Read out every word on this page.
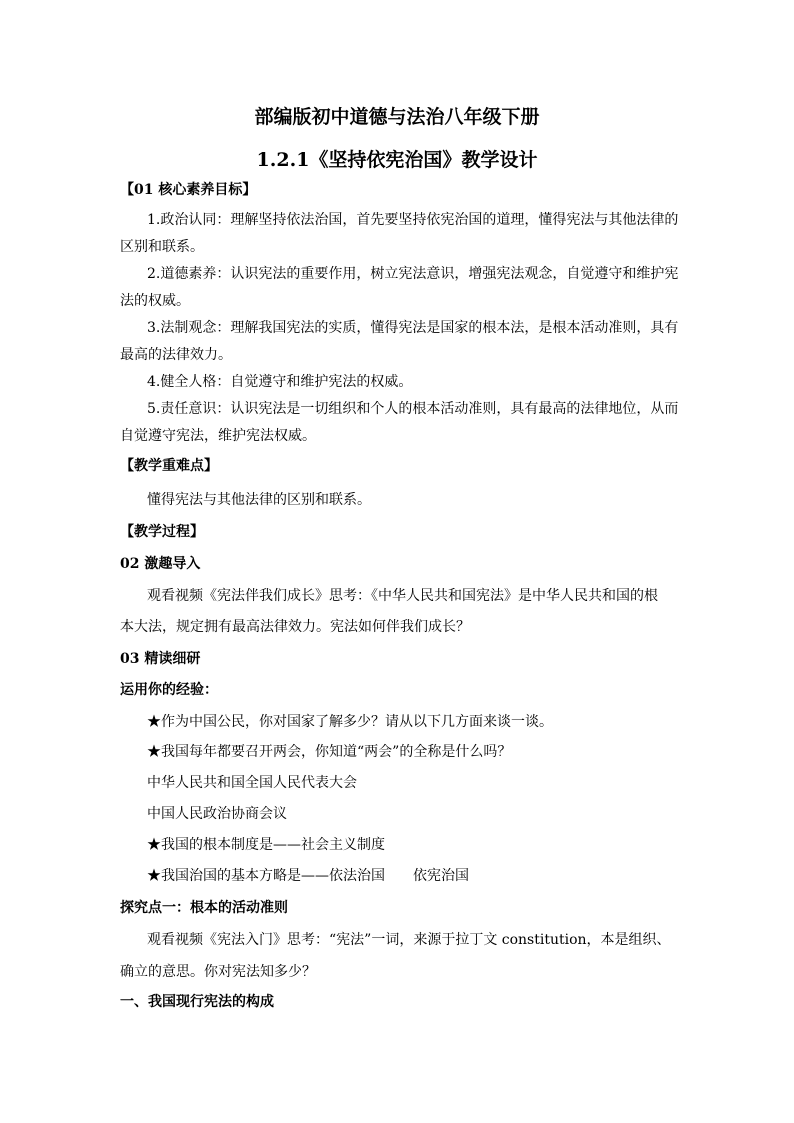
部编版初中道德与法治八年级下册
1.2.1《坚持依宪治国》教学设计
【01 核心素养目标】
1.政治认同：理解坚持依法治国，首先要坚持依宪治国的道理，懂得宪法与其他法律的
区别和联系。
2.道德素养：认识宪法的重要作用，树立宪法意识，增强宪法观念，自觉遵守和维护宪
法的权威。
3.法制观念：理解我国宪法的实质，懂得宪法是国家的根本法，是根本活动准则，具有
最高的法律效力。
4.健全人格：自觉遵守和维护宪法的权威。
5.责任意识：认识宪法是一切组织和个人的根本活动准则，具有最高的法律地位，从而
自觉遵守宪法，维护宪法权威。
【教学重难点】
懂得宪法与其他法律的区别和联系。
【教学过程】
02 激趣导入
观看视频《宪法伴我们成长》思考：《中华人民共和国宪法》是中华人民共和国的根
本大法，规定拥有最高法律效力。宪法如何伴我们成长？
03 精读细研
运用你的经验：
★作为中国公民，你对国家了解多少？请从以下几方面来谈一谈。
★我国每年都要召开两会，你知道“两会”的全称是什么吗？
中华人民共和国全国人民代表大会
中国人民政治协商会议
★我国的根本制度是——社会主义制度
★我国治国的基本方略是——依法治国　　依宪治国
探究点一：根本的活动准则
观看视频《宪法入门》思考：“宪法”一词，来源于拉丁文 constitution，本是组织、
确立的意思。你对宪法知多少？
一、我国现行宪法的构成
